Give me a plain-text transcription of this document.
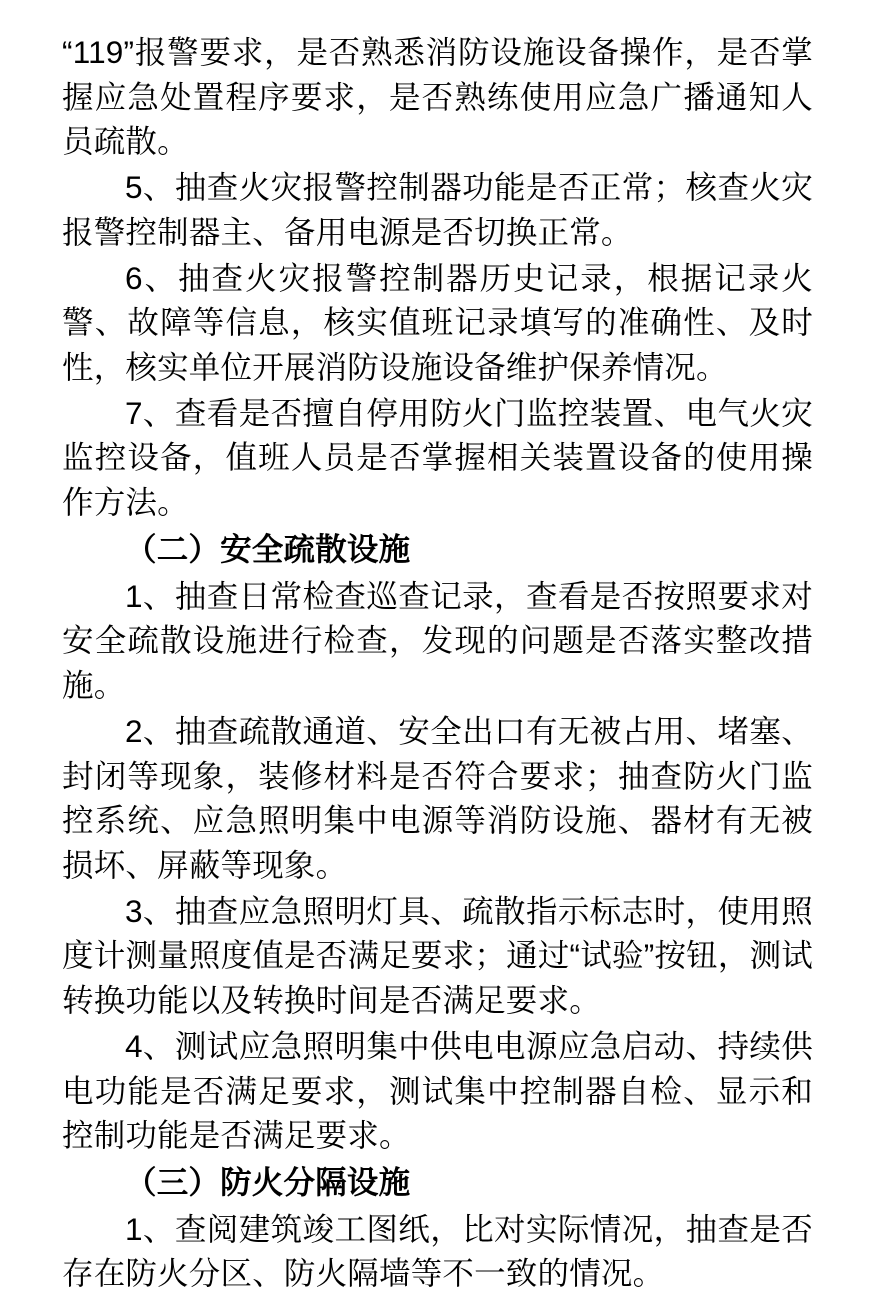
“119”报警要求，是否熟悉消防设施设备操作，是否掌握应急处置程序要求，是否熟练使用应急广播通知人员疏散。

5、抽查火灾报警控制器功能是否正常；核查火灾报警控制器主、备用电源是否切换正常。

6、抽查火灾报警控制器历史记录，根据记录火警、故障等信息，核实值班记录填写的准确性、及时性，核实单位开展消防设施设备维护保养情况。

7、查看是否擅自停用防火门监控装置、电气火灾监控设备，值班人员是否掌握相关装置设备的使用操作方法。

（二）安全疏散设施

1、抽查日常检查巡查记录，查看是否按照要求对安全疏散设施进行检查，发现的问题是否落实整改措施。

2、抽查疏散通道、安全出口有无被占用、堵塞、封闭等现象，装修材料是否符合要求；抽查防火门监控系统、应急照明集中电源等消防设施、器材有无被损坏、屏蔽等现象。

3、抽查应急照明灯具、疏散指示标志时，使用照度计测量照度值是否满足要求；通过“试验”按钮，测试转换功能以及转换时间是否满足要求。

4、测试应急照明集中供电电源应急启动、持续供电功能是否满足要求，测试集中控制器自检、显示和控制功能是否满足要求。

（三）防火分隔设施

1、查阅建筑竣工图纸，比对实际情况，抽查是否存在防火分区、防火隔墙等不一致的情况。
